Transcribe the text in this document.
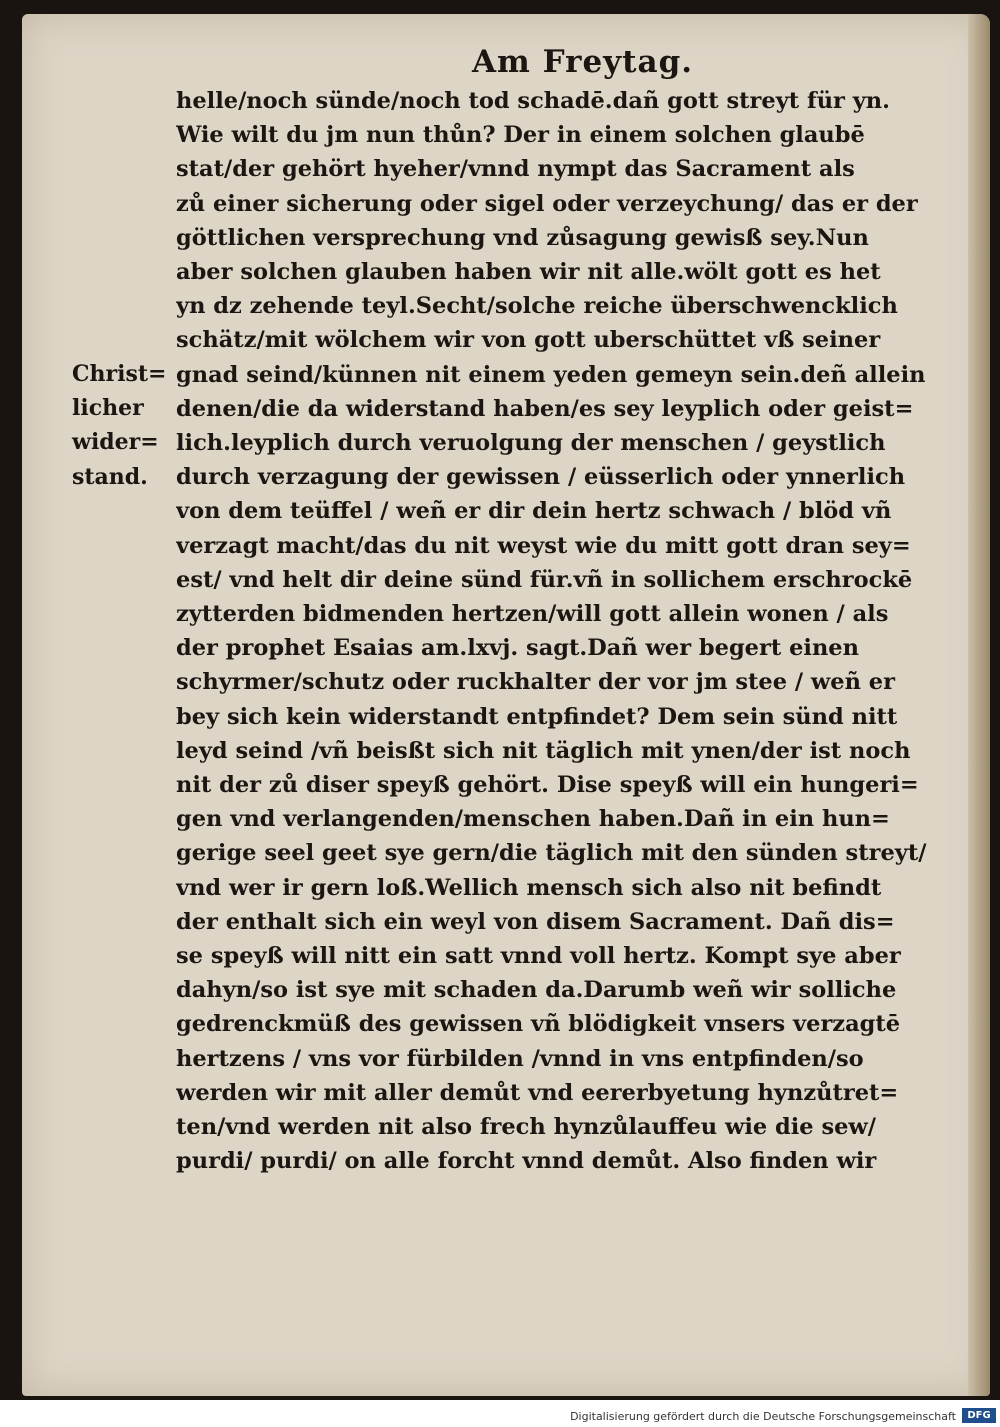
Am Freytag.
helle/noch sünde/noch tod schadē.dañ gott streyt für yn.
Wie wilt du jm nun thůn? Der in einem solchen glaubē
stat/der gehört hyeher/vnnd nympt das Sacrament als
zů einer sicherung oder sigel oder verzeychung/ das er der
göttlichen versprechung vnd zůsagung gewisß sey.Nun
aber solchen glauben haben wir nit alle.wölt gott es het
yn dz zehende teyl.Secht/solche reiche überschwencklich
schätz/mit wölchem wir von gott uberschüttet vß seiner
gnad seind/künnen nit einem yeden gemeyn sein.deñ allein
denen/die da widerstand haben/es sey leyplich oder geist=
lich.leyplich durch veruolgung der menschen / geystlich
durch verzagung der gewissen / eüsserlich oder ynnerlich
von dem teüffel / weñ er dir dein hertz schwach / blöd vñ
verzagt macht/das du nit weyst wie du mitt gott dran sey=
est/ vnd helt dir deine sünd für.vñ in sollichem erschrockē
zytterden bidmenden hertzen/will gott allein wonen / als
der prophet Esaias am.lxvj. sagt.Dañ wer begert einen
schyrmer/schutz oder ruckhalter der vor jm stee / weñ er
bey sich kein widerstandt entpfindet? Dem sein sünd nitt
leyd seind /vñ beisßt sich nit täglich mit ynen/der ist noch
nit der zů diser speyß gehört. Dise speyß will ein hungeri=
gen vnd verlangenden/menschen haben.Dañ in ein hun=
gerige seel geet sye gern/die täglich mit den sünden streyt/
vnd wer ir gern loß.Wellich mensch sich also nit befindt
der enthalt sich ein weyl von disem Sacrament. Dañ dis=
se speyß will nitt ein satt vnnd voll hertz. Kompt sye aber
dahyn/so ist sye mit schaden da.Darumb weñ wir solliche
gedrenckmüß des gewissen vñ blödigkeit vnsers verzagtē
hertzens / vns vor fürbilden /vnnd in vns entpfinden/so
werden wir mit aller demůt vnd eererbyetung hynzůtret=
ten/vnd werden nit also frech hynzůlauffeu wie die sew/
purdi/ purdi/ on alle forcht vnnd demůt. Also finden wir
Christ=
licher
wider=
stand.
Digitalisierung gefördert durch die Deutsche Forschungsgemeinschaft	DFG
